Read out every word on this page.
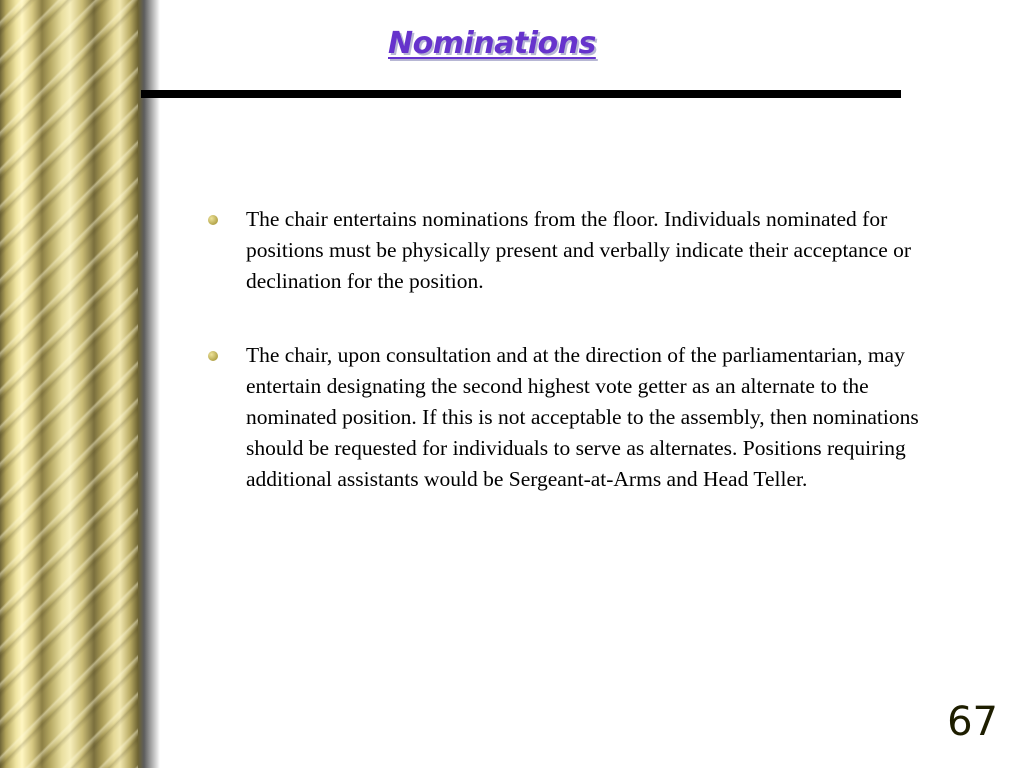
Nominations
The chair entertains nominations from the floor. Individuals nominated for positions must be physically present and verbally indicate their acceptance or declination for the position.
The chair, upon consultation and at the direction of the parliamentarian, may entertain designating the second highest vote getter as an alternate to the nominated position. If this is not acceptable to the assembly, then nominations should be requested for individuals to serve as alternates. Positions requiring additional assistants would be Sergeant-at-Arms and Head Teller.
67
